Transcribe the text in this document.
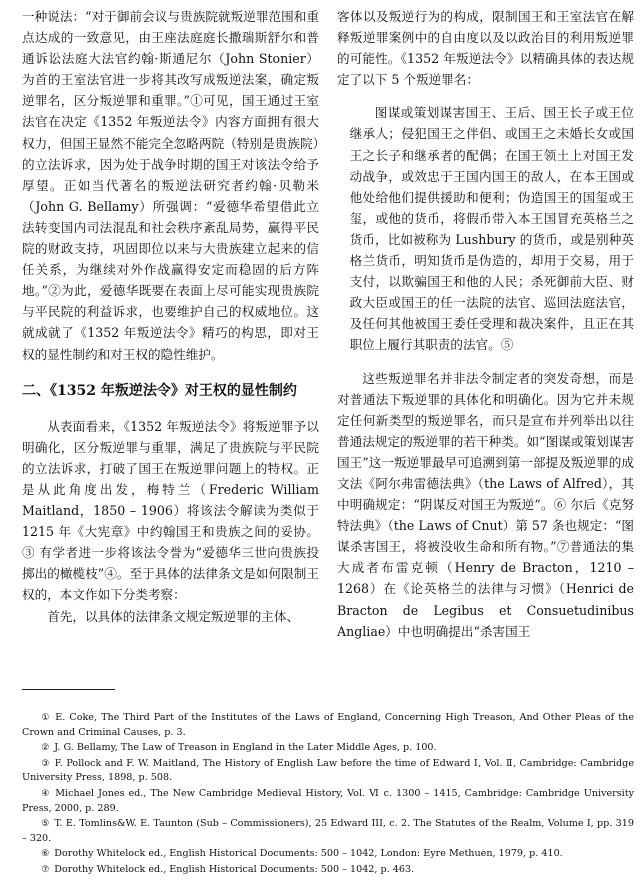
一种说法：“对于御前会议与贵族院就叛逆罪范围和重点达成的一致意见，由王座法庭庭长撒瑞斯舒尔和普通诉讼法庭大法官约翰·斯通尼尔（John Stonier）为首的王室法官进一步将其改写成叛逆法案，确定叛逆罪名，区分叛逆罪和重罪。”①可见，国王通过王室法官在决定《1352 年叛逆法令》内容方面拥有很大权力，但国王显然不能完全忽略两院（特别是贵族院）的立法诉求，因为处于战争时期的国王对该法令给予厚望。正如当代著名的叛逆法研究者约翰·贝勒米（John G. Bellamy）所强调：“爱德华希望借此立法转变国内司法混乱和社会秩序紊乱局势，赢得平民院的财政支持，巩固即位以来与大贵族建立起来的信任关系，为继续对外作战赢得安定而稳固的后方阵地。”②为此，爱德华既要在表面上尽可能实现贵族院与平民院的利益诉求，也要维护自己的权威地位。这就成就了《1352 年叛逆法令》精巧的构思，即对王权的显性制约和对王权的隐性维护。

二、《1352 年叛逆法令》对王权的显性制约

从表面看来，《1352 年叛逆法令》将叛逆罪予以明确化，区分叛逆罪与重罪，满足了贵族院与平民院的立法诉求，打破了国王在叛逆罪问题上的特权。正是从此角度出发，梅特兰（Frederic William Maitland，1850 – 1906）将该法令解读为类似于 1215 年《大宪章》中约翰国王和贵族之间的妥协。③ 有学者进一步将该法令誉为“爱德华三世向贵族投掷出的橄榄枝”④。至于具体的法律条文是如何限制王权的，本文作如下分类考察：

首先，以具体的法律条文规定叛逆罪的主体、

客体以及叛逆行为的构成，限制国王和王室法官在解释叛逆罪案例中的自由度以及以政治目的利用叛逆罪的可能性。《1352 年叛逆法令》以精确具体的表达规定了以下 5 个叛逆罪名：

图谋或策划谋害国王、王后、国王长子或王位继承人；侵犯国王之伴侣、或国王之未婚长女或国王之长子和继承者的配偶；在国王领土上对国王发动战争，或效忠于王国内国王的敌人，在本王国或他处给他们提供援助和便利；伪造国王的国玺或王玺，或他的货币，将假币带入本王国冒充英格兰之货币，比如被称为 Lushbury 的货币，或是别种英格兰货币，明知货币是伪造的，却用于交易，用于支付，以欺骗国王和他的人民；杀死御前大臣、财政大臣或国王的任一法院的法官、巡回法庭法官，及任何其他被国王委任受理和裁决案件，且正在其职位上履行其职责的法官。⑤

这些叛逆罪名并非法令制定者的突发奇想，而是对普通法下叛逆罪的具体化和明确化。因为它并未规定任何新类型的叛逆罪名，而只是宣布并列举出以往普通法规定的叛逆罪的若干种类。如“图谋或策划谋害国王”这一叛逆罪最早可追溯到第一部提及叛逆罪的成文法《阿尔弗雷德法典》（the Laws of Alfred），其中明确规定：“阴谋反对国王为叛逆”。⑥ 尔后《克努特法典》（the Laws of Cnut）第 57 条也规定：“图谋杀害国王，将被没收生命和所有物。”⑦普通法的集大成者布雷克顿（Henry de Bracton，1210 – 1268）在《论英格兰的法律与习惯》（Henrici de Bracton de Legibus et Consuetudinibus Angliae）中也明确提出“杀害国王

① E. Coke, The Third Part of the Institutes of the Laws of England, Concerning High Treason, And Other Pleas of the Crown and Criminal Causes, p. 3.

② J. G. Bellamy, The Law of Treason in England in the Later Middle Ages, p. 100.

③ F. Pollock and F. W. Maitland, The History of English Law before the time of Edward Ⅰ, Vol. Ⅱ, Cambridge: Cambridge University Press, 1898, p. 508.

④ Michael Jones ed., The New Cambridge Medieval History, Vol. Ⅵ c. 1300 – 1415, Cambridge: Cambridge University Press, 2000, p. 289.

⑤ T. E. Tomlins&W. E. Taunton (Sub – Commissioners), 25 Edward III, c. 2. The Statutes of the Realm, Volume I, pp. 319 – 320.

⑥ Dorothy Whitelock ed., English Historical Documents: 500 – 1042, London: Eyre Methuen, 1979, p. 410.

⑦ Dorothy Whitelock ed., English Historical Documents: 500 – 1042, p. 463.
